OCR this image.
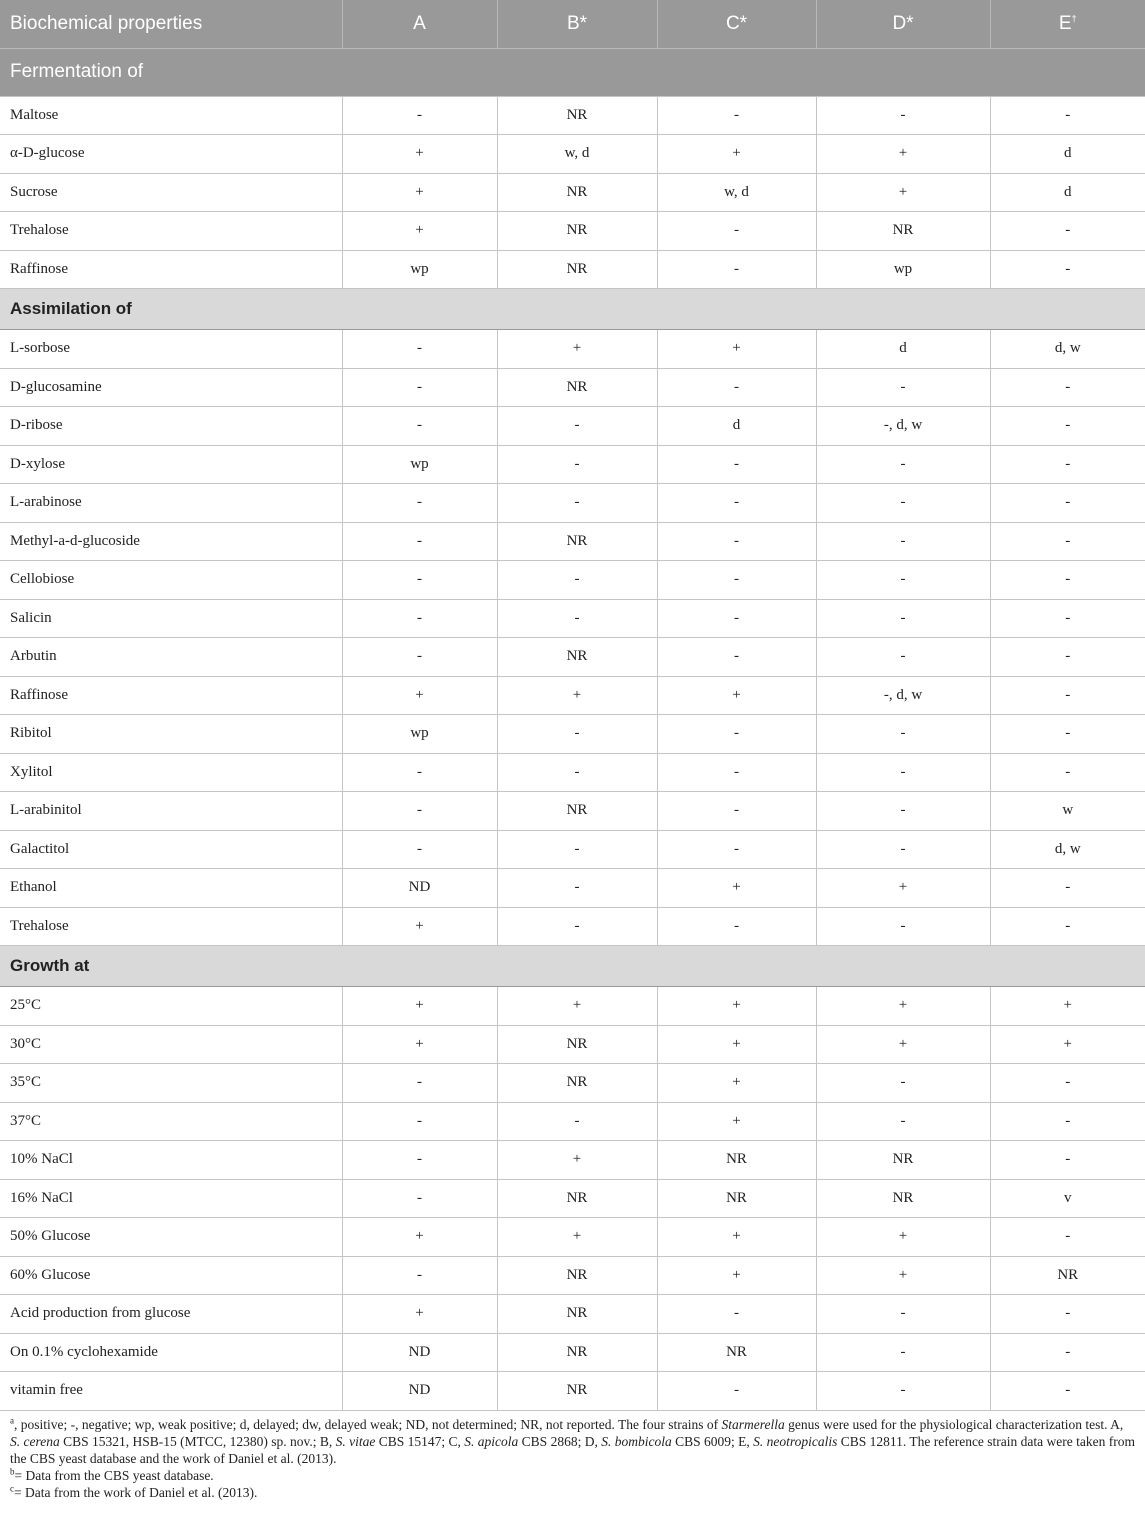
Biochemical properties	A	B*	C*	D*	E†
Fermentation of					
Maltose	-	NR	-	-	-
α-D-glucose	+	w, d	+	+	d
Sucrose	+	NR	w, d	+	d
Trehalose	+	NR	-	NR	-
Raffinose	wp	NR	-	wp	-
Assimilation of					
L-sorbose	-	+	+	d	d, w
D-glucosamine	-	NR	-	-	-
D-ribose	-	-	d	-, d, w	-
D-xylose	wp	-	-	-	-
L-arabinose	-	-	-	-	-
Methyl-a-d-glucoside	-	NR	-	-	-
Cellobiose	-	-	-	-	-
Salicin	-	-	-	-	-
Arbutin	-	NR	-	-	-
Raffinose	+	+	+	-, d, w	-
Ribitol	wp	-	-	-	-
Xylitol	-	-	-	-	-
L-arabinitol	-	NR	-	-	w
Galactitol	-	-	-	-	d, w
Ethanol	ND	-	+	+	-
Trehalose	+	-	-	-	-
Growth at					
25°C	+	+	+	+	+
30°C	+	NR	+	+	+
35°C	-	NR	+	-	-
37°C	-	-	+	-	-
10% NaCl	-	+	NR	NR	-
16% NaCl	-	NR	NR	NR	v
50% Glucose	+	+	+	+	-
60% Glucose	-	NR	+	+	NR
Acid production from glucose	+	NR	-	-	-
On 0.1% cyclohexamide	ND	NR	NR	-	-
vitamin free	ND	NR	-	-	-

$^a$, positive; -, negative; wp, weak positive; d, delayed; dw, delayed weak; ND, not determined; NR, not reported. The four strains of Starmerella genus were used for the physiological characterization test. A, S. cerena CBS 15321, HSB-15 (MTCC, 12380) sp. nov.; B, S. vitae CBS 15147; C, S. apicola CBS 2868; D, S. bombicola CBS 6009; E, S. neotropicalis CBS 12811. The reference strain data were taken from the CBS yeast database and the work of Daniel et al. (2013).

$^b$= Data from the CBS yeast database.

$^c$= Data from the work of Daniel et al. (2013).
